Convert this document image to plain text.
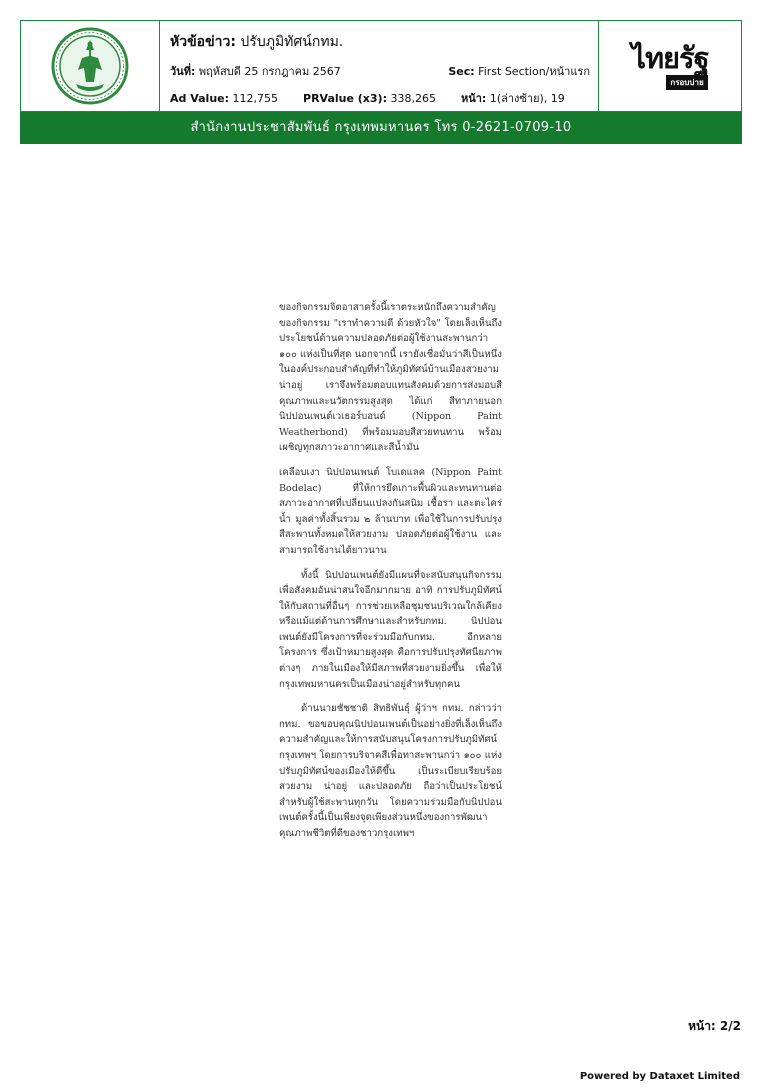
หัวข้อข่าว: ปรับภูมิทัศน์กทม.
วันที่: พฤหัสบดี 25 กรกฎาคม 2567	Sec: First Section/หน้าแรก
Ad Value: 112,755 PRValue (x3): 338,265 หน้า: 1(ล่างซ้าย), 19
ไทยรัฐ
กรอบบ่าย
สำนักงานประชาสัมพันธ์ กรุงเทพมหานคร โทร 0-2621-0709-10

ของกิจกรรมจิตอาสาครั้งนี้เราตระหนักถึงความสำคัญของกิจกรรม "เราทำความดี ด้วยหัวใจ" โดยเล็งเห็นถึงประโยชน์ด้านความปลอดภัยต่อผู้ใช้งานสะพานกว่า ๑๐๐ แห่งเป็นที่สุด นอกจากนี้ เรายังเชื่อมั่นว่าสีเป็นหนึ่งในองค์ประกอบสำคัญที่ทำให้ภูมิทัศน์บ้านเมืองสวยงาม น่าอยู่ เราจึงพร้อมตอบแทนสังคมด้วยการส่งมอบสีคุณภาพและนวัตกรรมสูงสุด ได้แก่ สีทาภายนอกนิปปอนเพนต์เวเธอร์บอนด์ (Nippon Paint Weatherbond) ที่พร้อมมอบสีสวยทนทาน พร้อมเผชิญทุกสภาวะอากาศและสีน้ำมัน

เคลือบเงา นิปปอนเพนต์ โบเดแลค (Nippon Paint Bodelac) ที่ให้การยึดเกาะพื้นผิวและทนทานต่อสภาวะอากาศที่เปลี่ยนแปลงกันสนิม เชื้อรา และตะไคร่น้ำ มูลค่าทั้งสิ้นรวม ๒ ล้านบาท เพื่อใช้ในการปรับปรุงสีสะพานทั้งหมดให้สวยงาม ปลอดภัยต่อผู้ใช้งาน และสามารถใช้งานได้ยาวนาน

ทั้งนี้ นิปปอนเพนต์ยังมีแผนที่จะสนับสนุนกิจกรรมเพื่อสังคมอันน่าสนใจอีกมากมาย อาทิ การปรับภูมิทัศน์ให้กับสถานที่อื่นๆ การช่วยเหลือชุมชนบริเวณใกล้เคียงหรือแม้แต่ด้านการศึกษาและสำหรับกทม. นิปปอนเพนต์ยังมีโครงการที่จะร่วมมือกับกทม. อีกหลายโครงการ ซึ่งเป้าหมายสูงสุด คือการปรับปรุงทัศนียภาพต่างๆ ภายในเมืองให้มีสภาพที่สวยงามยิ่งขึ้น เพื่อให้กรุงเทพมหานครเป็นเมืองน่าอยู่สำหรับทุกคน

ด้านนายชัชชาติ สิทธิพันธุ์ ผู้ว่าฯ กทม. กล่าวว่า กทม. ขอขอบคุณนิปปอนเพนต์เป็นอย่างยิ่งที่เล็งเห็นถึงความสำคัญและให้การสนับสนุนโครงการปรับภูมิทัศน์กรุงเทพฯ โดยการบริจาคสีเพื่อทาสะพานกว่า ๑๐๐ แห่ง ปรับภูมิทัศน์ของเมืองให้ดีขึ้น เป็นระเบียบเรียบร้อย สวยงาม น่าอยู่ และปลอดภัย ถือว่าเป็นประโยชน์สำหรับผู้ใช้สะพานทุกวัน โดยความร่วมมือกับนิปปอนเพนต์ครั้งนี้เป็นเพียงจุดเพียงส่วนหนึ่งของการพัฒนาคุณภาพชีวิตที่ดีของชาวกรุงเทพฯ

หน้า: 2/2
Powered by Dataxet Limited
